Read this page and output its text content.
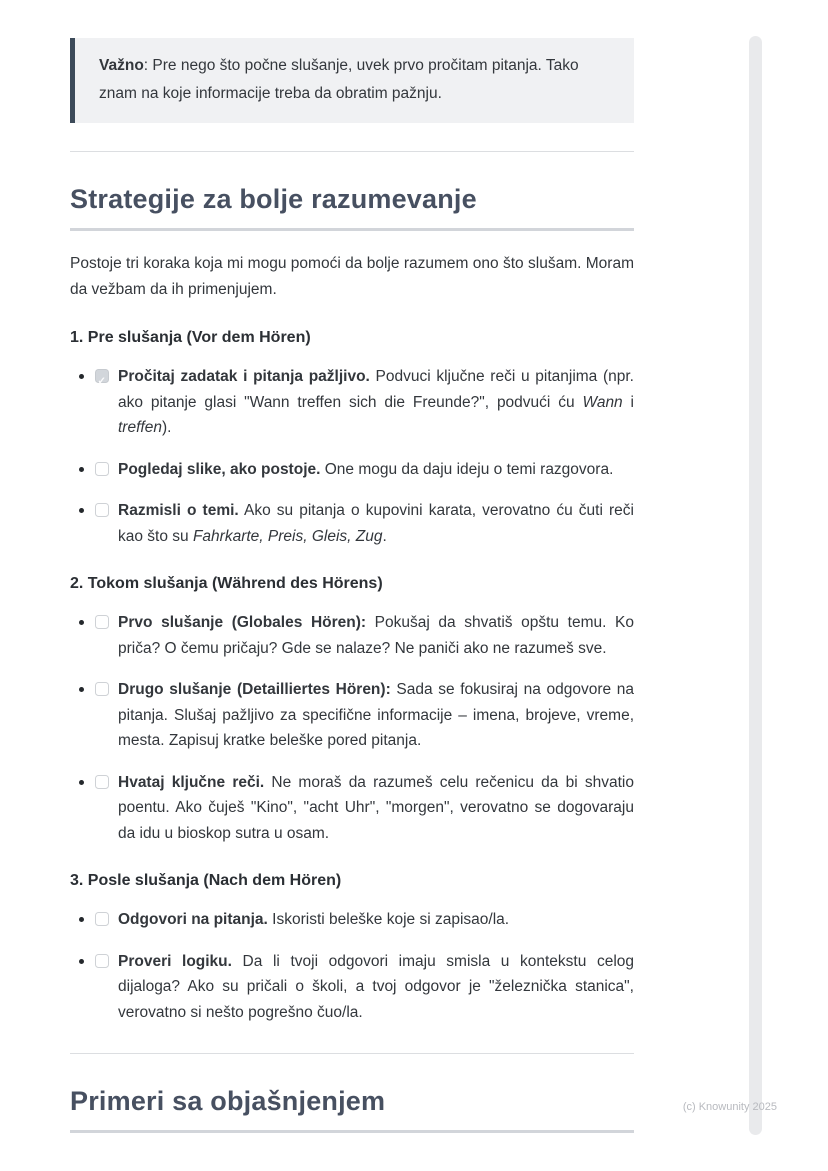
Važno: Pre nego što počne slušanje, uvek prvo pročitam pitanja. Tako znam na koje informacije treba da obratim pažnju.
Strategije za bolje razumevanje

Postoje tri koraka koja mi mogu pomoći da bolje razumem ono što slušam. Moram da vežbam da ih primenjujem.

1. Pre slušanja (Vor dem Hören)
✓
Pročitaj zadatak i pitanja pažljivo. Podvuci ključne reči u pitanjima (npr. ako pitanje glasi "Wann treffen sich die Freunde?", podvući ću Wann i treffen).
Pogledaj slike, ako postoje. One mogu da daju ideju o temi razgovora.
Razmisli o temi. Ako su pitanja o kupovini karata, verovatno ću čuti reči kao što su Fahrkarte, Preis, Gleis, Zug.
2. Tokom slušanja (Während des Hörens)
Prvo slušanje (Globales Hören): Pokušaj da shvatiš opštu temu. Ko priča? O čemu pričaju? Gde se nalaze? Ne paniči ako ne razumeš sve.
Drugo slušanje (Detailliertes Hören): Sada se fokusiraj na odgovore na pitanja. Slušaj pažljivo za specifične informacije – imena, brojeve, vreme, mesta. Zapisuj kratke beleške pored pitanja.
Hvataj ključne reči. Ne moraš da razumeš celu rečenicu da bi shvatio poentu. Ako čuješ "Kino", "acht Uhr", "morgen", verovatno se dogovaraju da idu u bioskop sutra u osam.
3. Posle slušanja (Nach dem Hören)
Odgovori na pitanja. Iskoristi beleške koje si zapisao/la.
Proveri logiku. Da li tvoji odgovori imaju smisla u kontekstu celog dijaloga? Ako su pričali o školi, a tvoj odgovor je "železnička stanica", verovatno si nešto pogrešno čuo/la.
Primeri sa objašnjenjem	(c) Knowunity 2025
